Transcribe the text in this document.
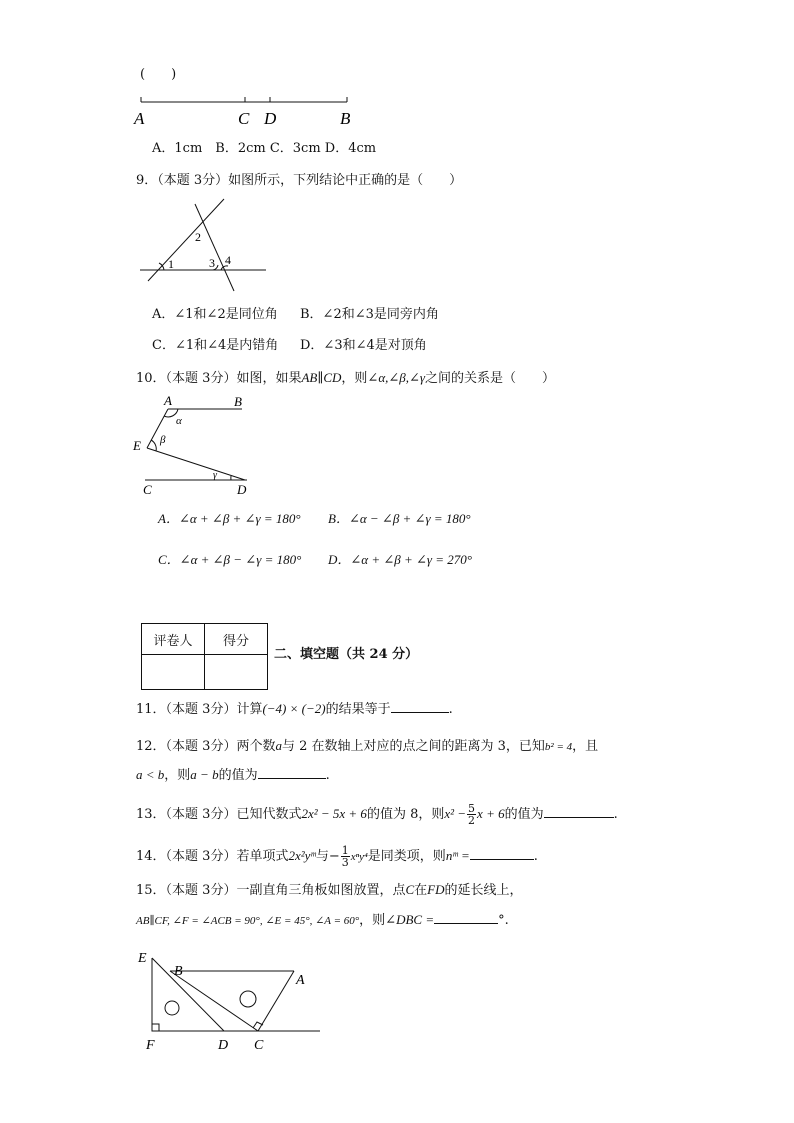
(　　)
A	C D	B
A．1cm　B．2cm C．3cm D．4cm
9．（本题 3分）如图所示，下列结论中正确的是（　　）
1
2
3 4
A．∠1和∠2是同位角 B．∠2和∠3是同旁内角
C．∠1和∠4是内错角 D．∠3和∠4是对顶角
10．（本题 3分）如图，如果AB∥CD，则∠α,∠β,∠γ之间的关系是（　　）
A	B
E
C	D
α
β
γ
A．∠α + ∠β + ∠γ = 180° B．∠α − ∠β + ∠γ = 180°
C．∠α + ∠β − ∠γ = 180° D．∠α + ∠β + ∠γ = 270°
评卷人	得分

二、填空题（共 24 分）
11．（本题 3分）计算(−4) × (−2)的结果等于	.
12．（本题 3分）两个数a与 2 在数轴上对应的点之间的距离为 3，已知b² = 4，且
a < b，则a − b的值为	.
13．（本题 3分）已知代数式2x² − 5x + 6的值为 8，则$x^2 - \frac{5}{2}$ x + 6的值为	.
14．（本题 3分）若单项式2x²yᵐ与− $\frac{1}{3} x^ny^4$是同类项，则nᵐ =	.
15．（本题 3分）一副直角三角板如图放置，点C在FD的延长线上，
AB∥CF, ∠F = ∠ACB = 90°, ∠E = 45°, ∠A = 60°，则∠DBC =	°.
E
B
A
F	D C
